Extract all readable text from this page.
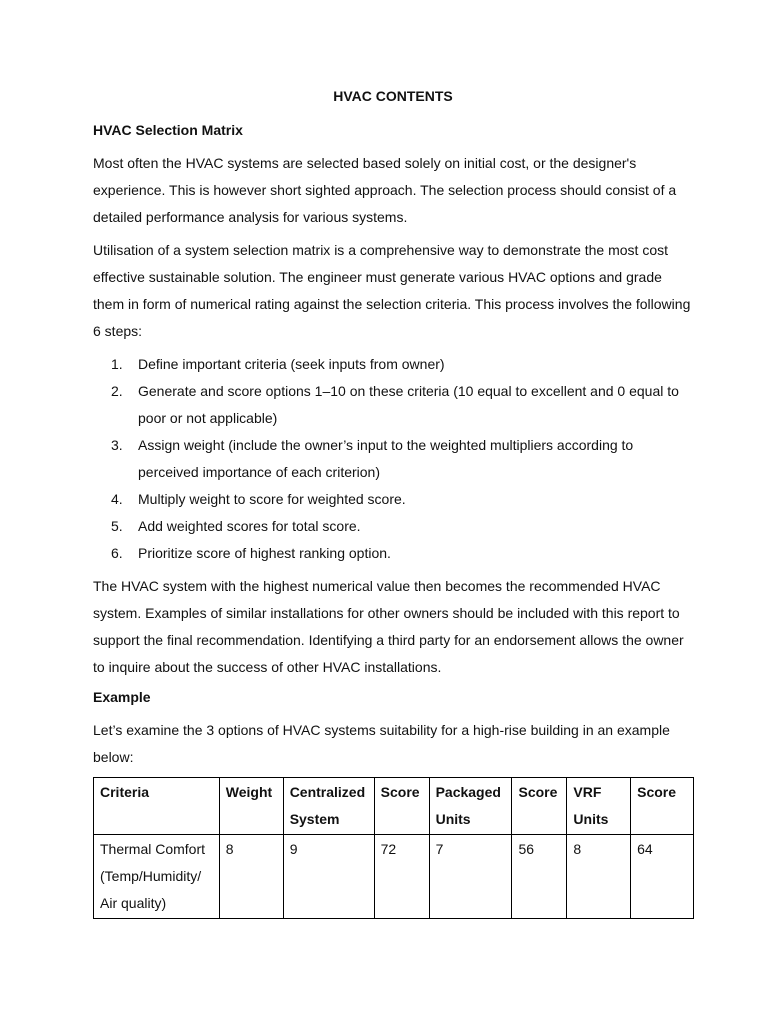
HVAC CONTENTS
HVAC Selection Matrix

Most often the HVAC systems are selected based solely on initial cost, or the designer's experience. This is however short sighted approach. The selection process should consist of a detailed performance analysis for various systems.

Utilisation of a system selection matrix is a comprehensive way to demonstrate the most cost effective sustainable solution. The engineer must generate various HVAC options and grade them in form of numerical rating against the selection criteria. This process involves the following 6 steps:

1. Define important criteria (seek inputs from owner)
2. Generate and score options 1–10 on these criteria (10 equal to excellent and 0 equal to poor or not applicable)
3. Assign weight (include the owner’s input to the weighted multipliers according to perceived importance of each criterion)
4. Multiply weight to score for weighted score.
5. Add weighted scores for total score.
6. Prioritize score of highest ranking option.

The HVAC system with the highest numerical value then becomes the recommended HVAC system. Examples of similar installations for other owners should be included with this report to support the final recommendation. Identifying a third party for an endorsement allows the owner to inquire about the success of other HVAC installations.

Example

Let’s examine the 3 options of HVAC systems suitability for a high-rise building in an example below:

Criteria	Weight	Centralized System	Score	Packaged Units	Score	VRF Units	Score
Thermal Comfort (Temp/Humidity/ Air quality)	8	9	72	7	56	8	64
